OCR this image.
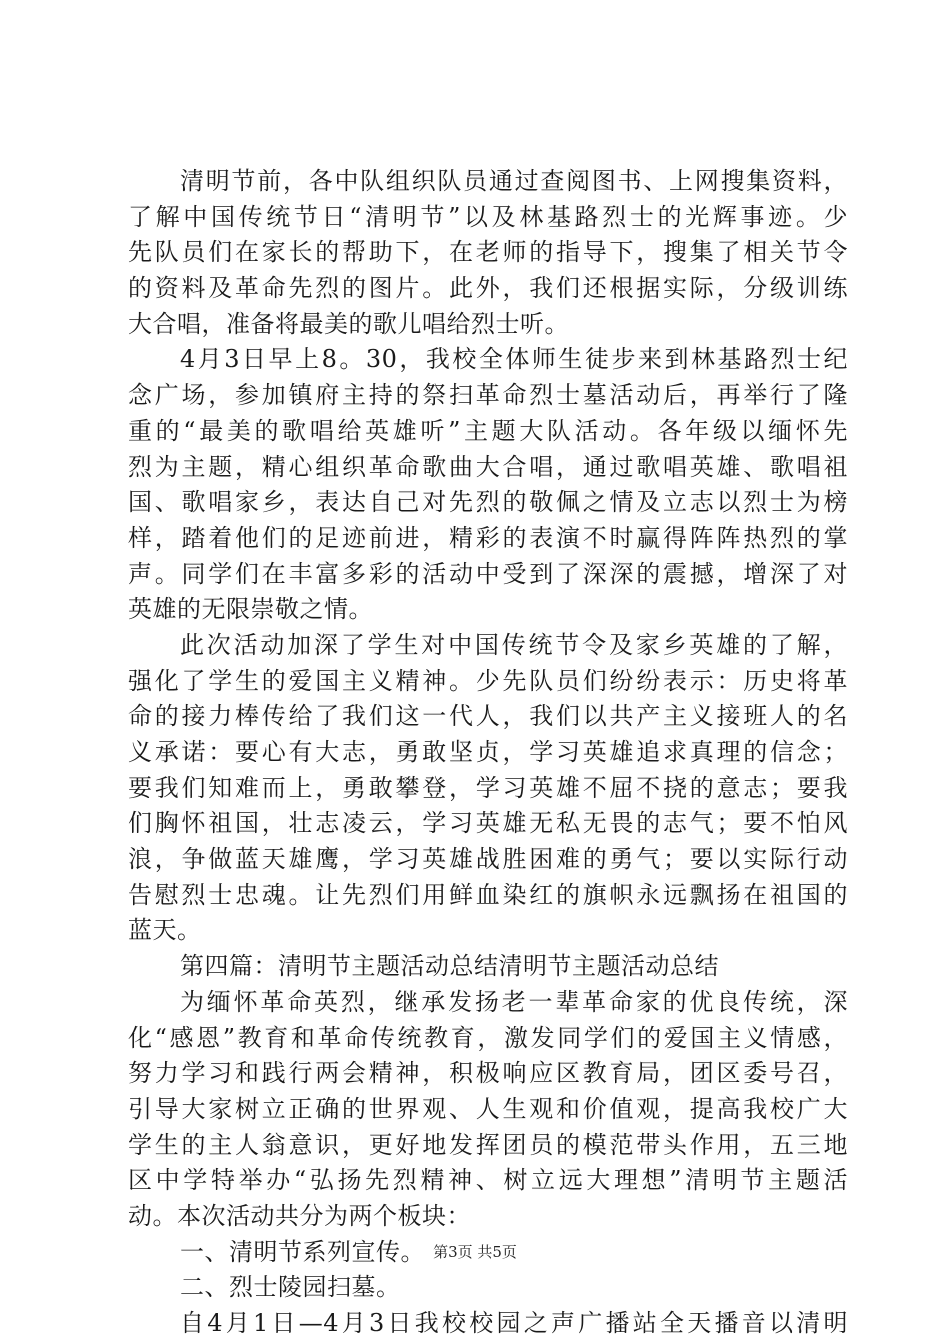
清明节前，各中队组织队员通过查阅图书、上网搜集资料，
了解中国传统节日“清明节”以及林基路烈士的光辉事迹。少
先队员们在家长的帮助下，在老师的指导下，搜集了相关节令
的资料及革命先烈的图片。此外，我们还根据实际，分级训练
大合唱，准备将最美的歌儿唱给烈士听。
4月3日早上8。30，我校全体师生徒步来到林基路烈士纪
念广场，参加镇府主持的祭扫革命烈士墓活动后，再举行了隆
重的“最美的歌唱给英雄听”主题大队活动。各年级以缅怀先
烈为主题，精心组织革命歌曲大合唱，通过歌唱英雄、歌唱祖
国、歌唱家乡，表达自己对先烈的敬佩之情及立志以烈士为榜
样，踏着他们的足迹前进，精彩的表演不时赢得阵阵热烈的掌
声。同学们在丰富多彩的活动中受到了深深的震撼，增深了对
英雄的无限崇敬之情。
此次活动加深了学生对中国传统节令及家乡英雄的了解，
强化了学生的爱国主义精神。少先队员们纷纷表示：历史将革
命的接力棒传给了我们这一代人，我们以共产主义接班人的名
义承诺：要心有大志，勇敢坚贞，学习英雄追求真理的信念；
要我们知难而上，勇敢攀登，学习英雄不屈不挠的意志；要我
们胸怀祖国，壮志凌云，学习英雄无私无畏的志气；要不怕风
浪，争做蓝天雄鹰，学习英雄战胜困难的勇气；要以实际行动
告慰烈士忠魂。让先烈们用鲜血染红的旗帜永远飘扬在祖国的
蓝天。
第四篇：清明节主题活动总结清明节主题活动总结
为缅怀革命英烈，继承发扬老一辈革命家的优良传统，深
化“感恩”教育和革命传统教育，激发同学们的爱国主义情感，
努力学习和践行两会精神，积极响应区教育局，团区委号召，
引导大家树立正确的世界观、人生观和价值观，提高我校广大
学生的主人翁意识，更好地发挥团员的模范带头作用，五三地
区中学特举办“弘扬先烈精神、树立远大理想”清明节主题活
动。本次活动共分为两个板块：
一、清明节系列宣传。
二、烈士陵园扫墓。
自4月1日—4月3日我校校园之声广播站全天播音以清明
第3页 共5页
